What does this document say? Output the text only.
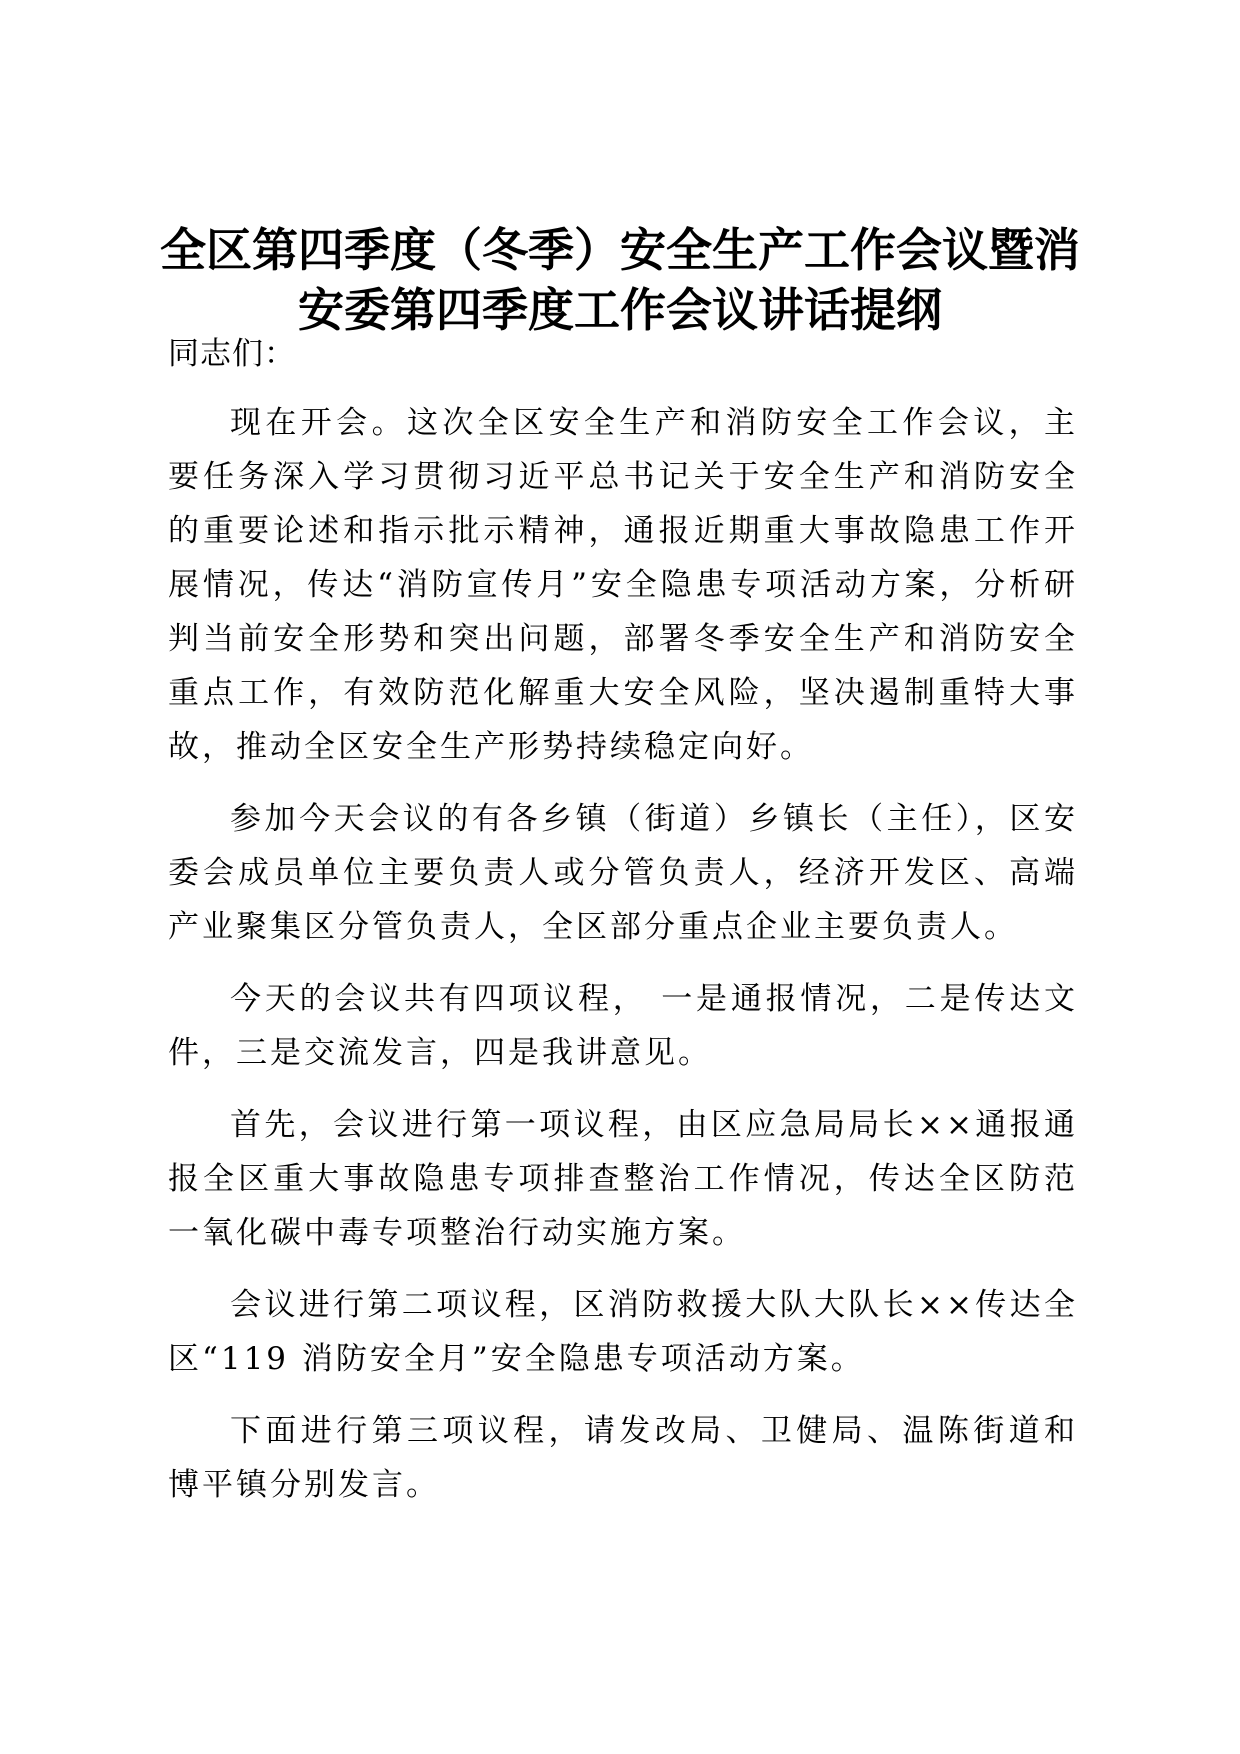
全区第四季度（冬季）安全生产工作会议暨消
安委第四季度工作会议讲话提纲

同志们：

现在开会。这次全区安全生产和消防安全工作会议，主要任务深入学习贯彻习近平总书记关于安全生产和消防安全的重要论述和指示批示精神，通报近期重大事故隐患工作开展情况，传达“消防宣传月”安全隐患专项活动方案，分析研判当前安全形势和突出问题，部署冬季安全生产和消防安全重点工作，有效防范化解重大安全风险，坚决遏制重特大事故，推动全区安全生产形势持续稳定向好。

参加今天会议的有各乡镇（街道）乡镇长（主任），区安委会成员单位主要负责人或分管负责人，经济开发区、高端产业聚集区分管负责人，全区部分重点企业主要负责人。

今天的会议共有四项议程， 一是通报情况，二是传达文件，三是交流发言，四是我讲意见。

首先，会议进行第一项议程，由区应急局局长××通报通报全区重大事故隐患专项排查整治工作情况，传达全区防范一氧化碳中毒专项整治行动实施方案。

会议进行第二项议程，区消防救援大队大队长××传达全区“119 消防安全月”安全隐患专项活动方案。

下面进行第三项议程，请发改局、卫健局、温陈街道和博平镇分别发言。
